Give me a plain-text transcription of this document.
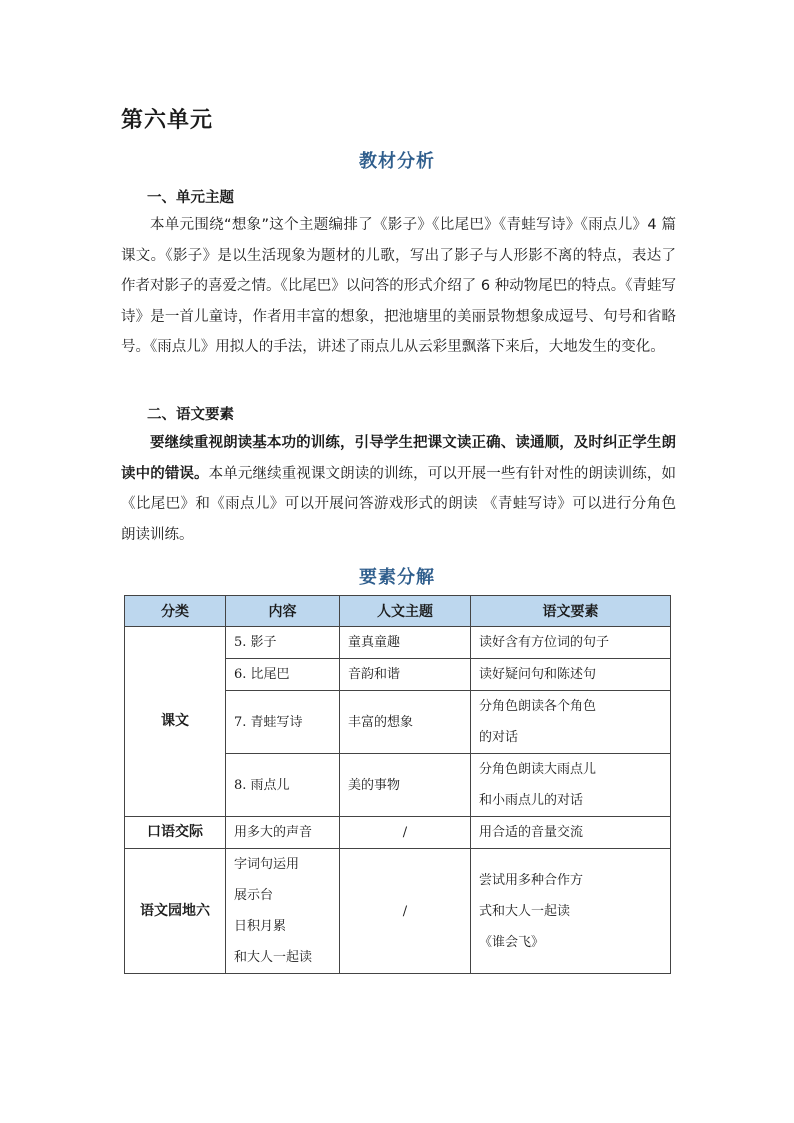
第六单元
教材分析
一、单元主题
本单元围绕“想象”这个主题编排了《影子》《比尾巴》《青蛙写诗》《雨点儿》4 篇课文。《影子》是以生活现象为题材的儿歌，写出了影子与人形影不离的特点，表达了作者对影子的喜爱之情。《比尾巴》以问答的形式介绍了 6 种动物尾巴的特点。《青蛙写诗》是一首儿童诗，作者用丰富的想象，把池塘里的美丽景物想象成逗号、句号和省略号。《雨点儿》用拟人的手法，讲述了雨点儿从云彩里飘落下来后，大地发生的变化。
二、语文要素
要继续重视朗读基本功的训练，引导学生把课文读正确、读通顺，及时纠正学生朗读中的错误。本单元继续重视课文朗读的训练，可以开展一些有针对性的朗读训练，如《比尾巴》和《雨点儿》可以开展问答游戏形式的朗读 《青蛙写诗》可以进行分角色朗读训练。
要素分解
分类	内容	人文主题	语文要素
课文	5. 影子	童真童趣	读好含有方位词的句子
	6. 比尾巴	音韵和谐	读好疑问句和陈述句
	7. 青蛙写诗	丰富的想象	分角色朗读各个角色
的对话

	8. 雨点儿	美的事物	分角色朗读大雨点儿
和小雨点儿的对话

口语交际	用多大的声音	/	用合适的音量交流
语文园地六	字词句运用
展示台
日积月累
和大人一起读	/	尝试用多种合作方
式和大人一起读
《谁会飞》
